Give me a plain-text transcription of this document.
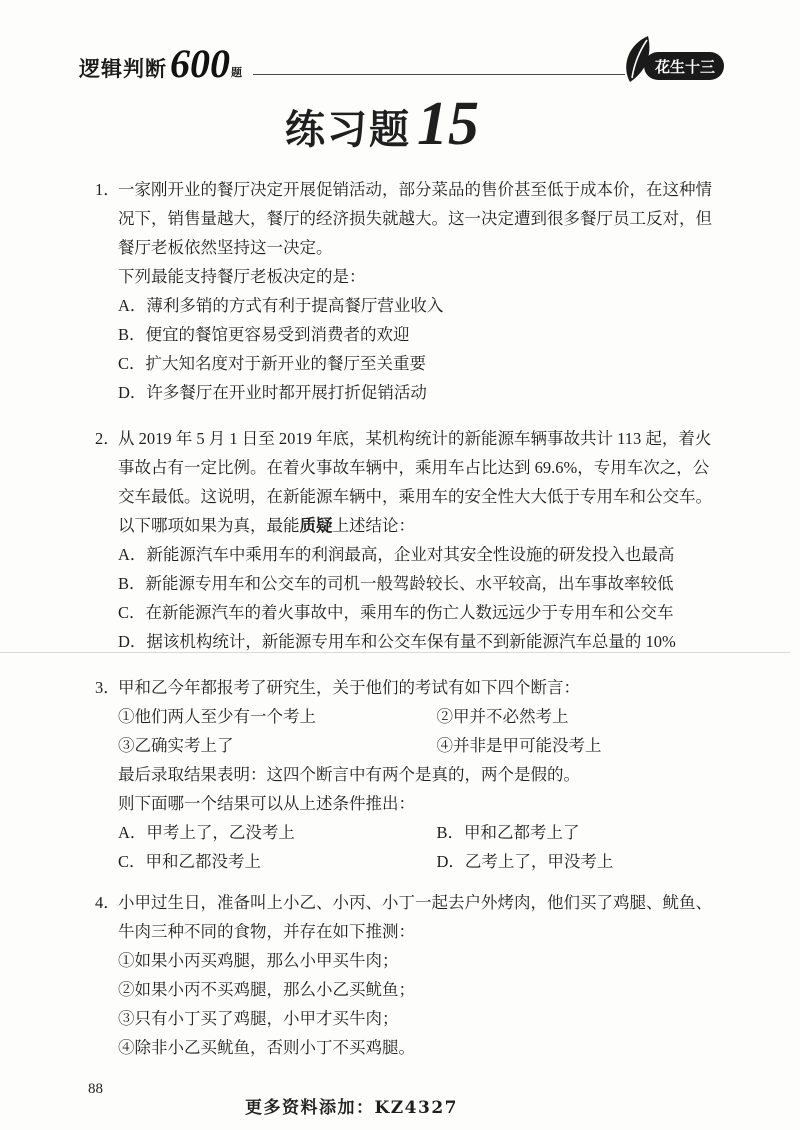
逻辑判断 600 题	花生十三
练习题 15
1．
一家刚开业的餐厅决定开展促销活动，部分菜品的售价甚至低于成本价，在这种情
况下，销售量越大，餐厅的经济损失就越大。这一决定遭到很多餐厅员工反对，但
餐厅老板依然坚持这一决定。
下列最能支持餐厅老板决定的是：
A．薄利多销的方式有利于提高餐厅营业收入
B．便宜的餐馆更容易受到消费者的欢迎
C．扩大知名度对于新开业的餐厅至关重要
D．许多餐厅在开业时都开展打折促销活动
2．
从 2019 年 5 月 1 日至 2019 年底，某机构统计的新能源车辆事故共计 113 起，着火
事故占有一定比例。在着火事故车辆中，乘用车占比达到 69.6%，专用车次之，公
交车最低。这说明，在新能源车辆中，乘用车的安全性大大低于专用车和公交车。
以下哪项如果为真，最能质疑上述结论：
A．新能源汽车中乘用车的利润最高，企业对其安全性设施的研发投入也最高
B．新能源专用车和公交车的司机一般驾龄较长、水平较高，出车事故率较低
C．在新能源汽车的着火事故中，乘用车的伤亡人数远远少于专用车和公交车
D．据该机构统计，新能源专用车和公交车保有量不到新能源汽车总量的 10%
3．
甲和乙今年都报考了研究生，关于他们的考试有如下四个断言：
①他们两人至少有一个考上	②甲并不必然考上
③乙确实考上了	④并非是甲可能没考上
最后录取结果表明：这四个断言中有两个是真的，两个是假的。
则下面哪一个结果可以从上述条件推出：
A．甲考上了，乙没考上	B．甲和乙都考上了
C．甲和乙都没考上	D．乙考上了，甲没考上
4．
小甲过生日，准备叫上小乙、小丙、小丁一起去户外烤肉，他们买了鸡腿、鱿鱼、
牛肉三种不同的食物，并存在如下推测：
①如果小丙买鸡腿，那么小甲买牛肉；
②如果小丙不买鸡腿，那么小乙买鱿鱼；
③只有小丁买了鸡腿，小甲才买牛肉；
④除非小乙买鱿鱼，否则小丁不买鸡腿。
88
更多资料添加：KZ4327
